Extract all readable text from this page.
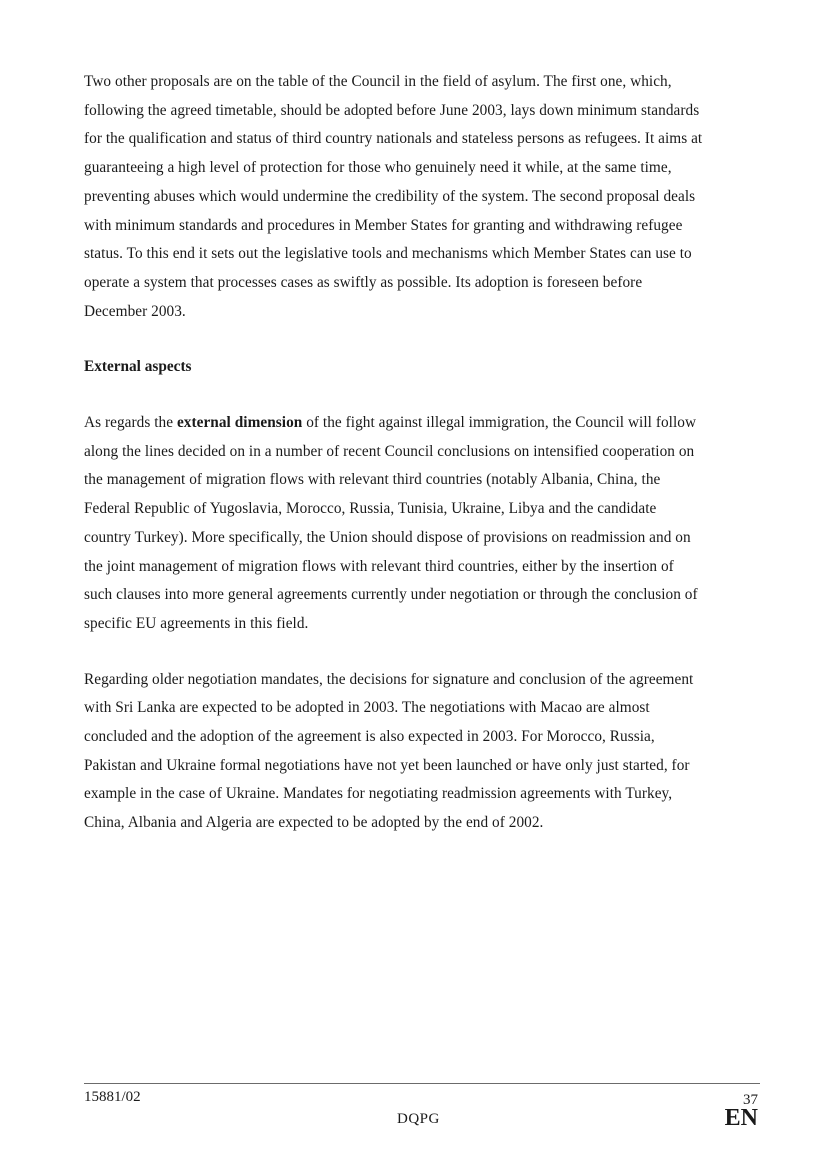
Two other proposals are on the table of the Council in the field of asylum. The first one, which,
following the agreed timetable, should be adopted before June 2003, lays down minimum standards
for the qualification and status of third country nationals and stateless persons as refugees. It aims at
guaranteeing a high level of protection for those who genuinely need it while, at the same time,
preventing abuses which would undermine the credibility of the system. The second proposal deals
with minimum standards and procedures in Member States for granting and withdrawing refugee
status. To this end it sets out the legislative tools and mechanisms which Member States can use to
operate a system that processes cases as swiftly as possible. Its adoption is foreseen before
December 2003.

External aspects

As regards the external dimension of the fight against illegal immigration, the Council will follow
along the lines decided on in a number of recent Council conclusions on intensified cooperation on
the management of migration flows with relevant third countries (notably Albania, China, the
Federal Republic of Yugoslavia, Morocco, Russia, Tunisia, Ukraine, Libya and the candidate
country Turkey). More specifically, the Union should dispose of provisions on readmission and on
the joint management of migration flows with relevant third countries, either by the insertion of
such clauses into more general agreements currently under negotiation or through the conclusion of
specific EU agreements in this field.

Regarding older negotiation mandates, the decisions for signature and conclusion of the agreement
with Sri Lanka are expected to be adopted in 2003. The negotiations with Macao are almost
concluded and the adoption of the agreement is also expected in 2003. For Morocco, Russia,
Pakistan and Ukraine formal negotiations have not yet been launched or have only just started, for
example in the case of Ukraine. Mandates for negotiating readmission agreements with Turkey,
China, Albania and Algeria are expected to be adopted by the end of 2002.

15881/02	37
DQPG	EN
